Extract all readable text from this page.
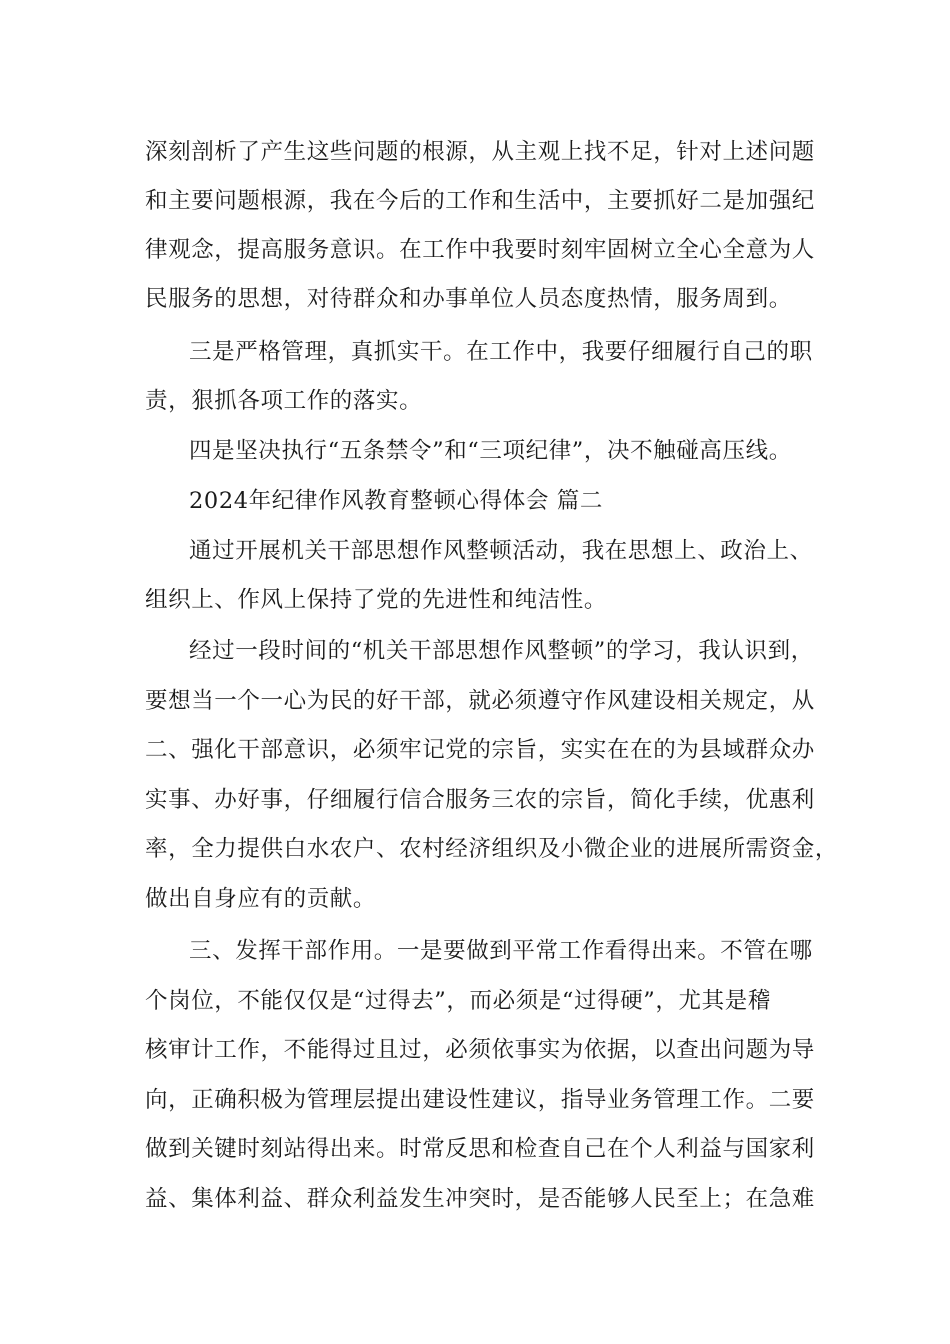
深刻剖析了产生这些问题的根源，从主观上找不足，针对上述问题
和主要问题根源，我在今后的工作和生活中，主要抓好二是加强纪
律观念，提高服务意识。在工作中我要时刻牢固树立全心全意为人
民服务的思想，对待群众和办事单位人员态度热情，服务周到。
三是严格管理，真抓实干。在工作中，我要仔细履行自己的职
责，狠抓各项工作的落实。
四是坚决执行“五条禁令”和“三项纪律”，决不触碰高压线。
2024年纪律作风教育整顿心得体会 篇二
通过开展机关干部思想作风整顿活动，我在思想上、政治上、
组织上、作风上保持了党的先进性和纯洁性。
经过一段时间的“机关干部思想作风整顿”的学习，我认识到，
要想当一个一心为民的好干部，就必须遵守作风建设相关规定，从
二、强化干部意识，必须牢记党的宗旨，实实在在的为县域群众办
实事、办好事，仔细履行信合服务三农的宗旨，简化手续，优惠利
率，全力提供白水农户、农村经济组织及小微企业的进展所需资金，
做出自身应有的贡献。
三、发挥干部作用。一是要做到平常工作看得出来。不管在哪
个岗位，不能仅仅是“过得去”，而必须是“过得硬”，尤其是稽
核审计工作，不能得过且过，必须依事实为依据，以查出问题为导
向，正确积极为管理层提出建设性建议，指导业务管理工作。二要
做到关键时刻站得出来。时常反思和检查自己在个人利益与国家利
益、集体利益、群众利益发生冲突时，是否能够人民至上；在急难
